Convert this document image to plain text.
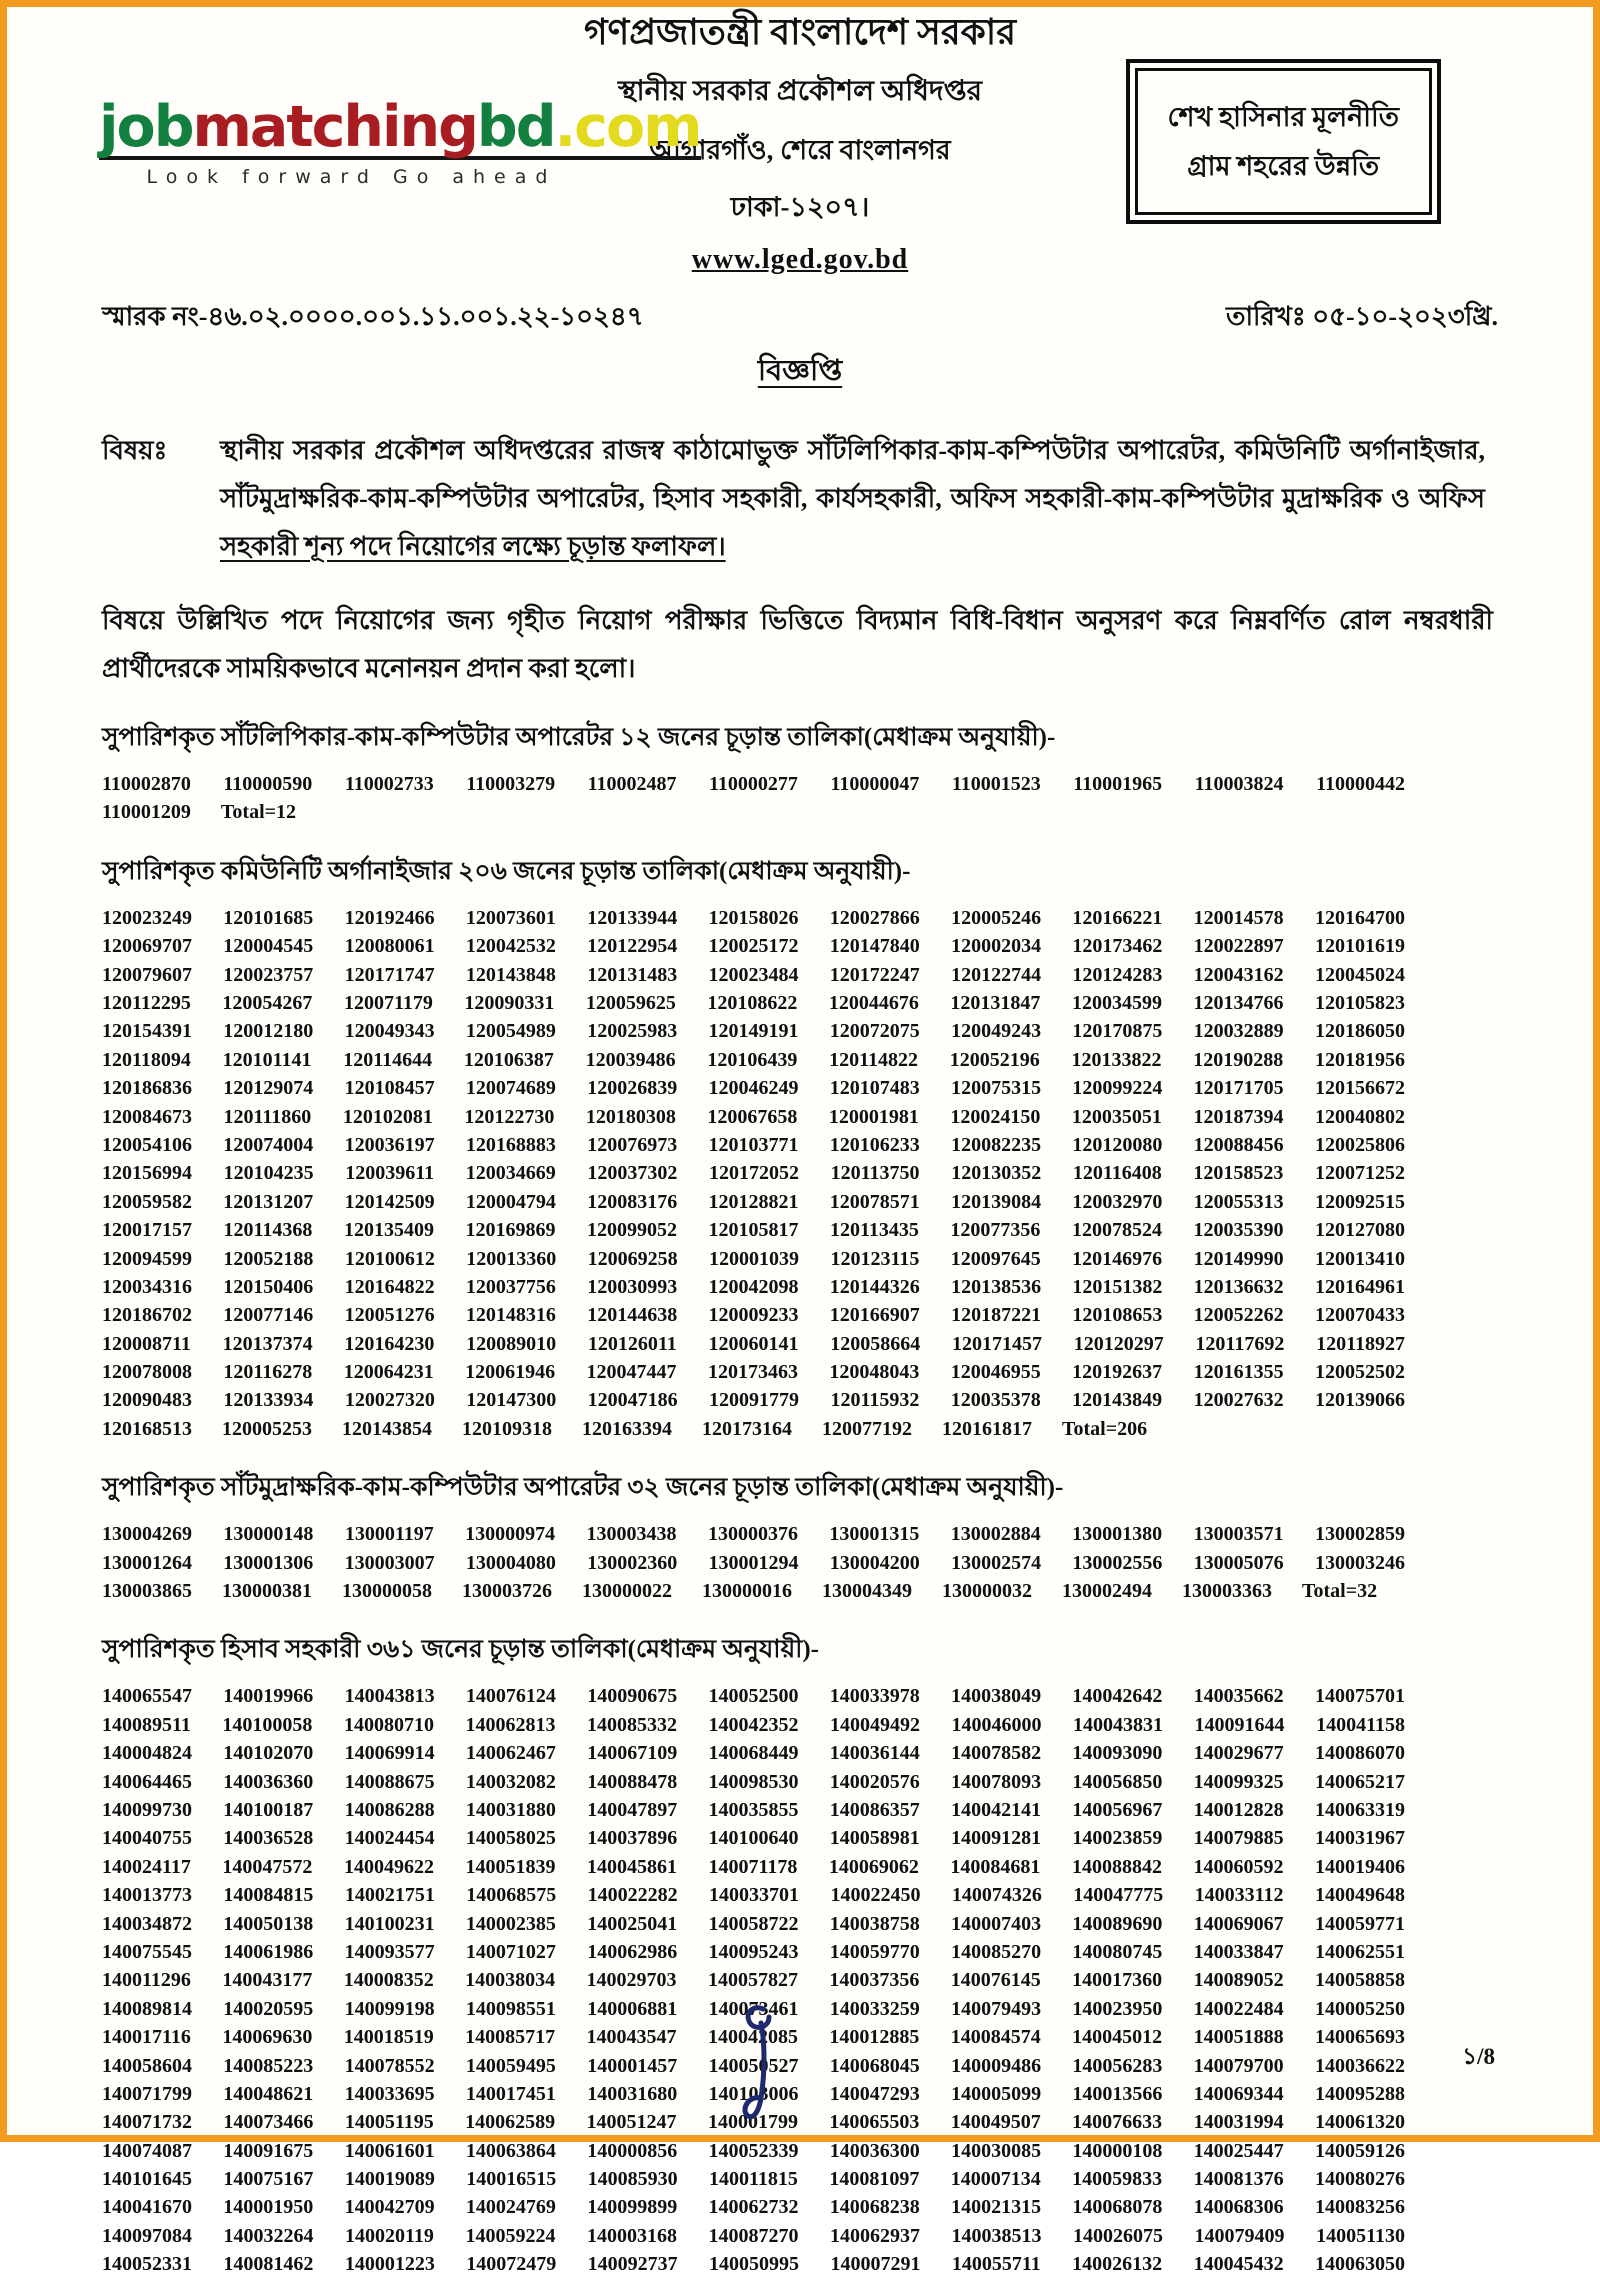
গণপ্রজাতন্ত্রী বাংলাদেশ সরকার
স্থানীয় সরকার প্রকৌশল অধিদপ্তর
আগারগাঁও, শেরে বাংলানগর
ঢাকা-১২০৭।
www.lged.gov.bd
jobmatchingbd.com
Look forward Go ahead
শেখ হাসিনার মূলনীতি
গ্রাম শহরের উন্নতি
স্মারক নং-৪৬.০২.০০০০.০০১.১১.০০১.২২-১০২৪৭	তারিখঃ ০৫-১০-২০২৩খ্রি.
বিজ্ঞপ্তি
বিষয়ঃ	স্থানীয় সরকার প্রকৌশল অধিদপ্তরের রাজস্ব কাঠামোভুক্ত সাঁটলিপিকার-কাম-কম্পিউটার অপারেটর, কমিউনিটি অর্গানাইজার, সাঁটমুদ্রাক্ষরিক-কাম-কম্পিউটার অপারেটর, হিসাব সহকারী, কার্যসহকারী, অফিস সহকারী-কাম-কম্পিউটার মুদ্রাক্ষরিক ও অফিস সহকারী শূন্য পদে নিয়োগের লক্ষ্যে চূড়ান্ত ফলাফল।
বিষয়ে উল্লিখিত পদে নিয়োগের জন্য গৃহীত নিয়োগ পরীক্ষার ভিত্তিতে বিদ্যমান বিধি-বিধান অনুসরণ করে নিম্নবর্ণিত রোল নম্বরধারী প্রার্থীদেরকে সাময়িকভাবে মনোনয়ন প্রদান করা হলো।
সুপারিশকৃত সাঁটলিপিকার-কাম-কম্পিউটার অপারেটর ১২ জনের চূড়ান্ত তালিকা(মেধাক্রম অনুযায়ী)-
110002870 110000590 110002733 110003279 110002487 110000277 110000047 110001523 110001965 110003824 110000442
110001209 Total=12
সুপারিশকৃত কমিউনিটি অর্গানাইজার ২০৬ জনের চূড়ান্ত তালিকা(মেধাক্রম অনুযায়ী)-
120023249 120101685 120192466 120073601 120133944 120158026 120027866 120005246 120166221 120014578 120164700
120069707 120004545 120080061 120042532 120122954 120025172 120147840 120002034 120173462 120022897 120101619
120079607 120023757 120171747 120143848 120131483 120023484 120172247 120122744 120124283 120043162 120045024
120112295 120054267 120071179 120090331 120059625 120108622 120044676 120131847 120034599 120134766 120105823
120154391 120012180 120049343 120054989 120025983 120149191 120072075 120049243 120170875 120032889 120186050
120118094 120101141 120114644 120106387 120039486 120106439 120114822 120052196 120133822 120190288 120181956
120186836 120129074 120108457 120074689 120026839 120046249 120107483 120075315 120099224 120171705 120156672
120084673 120111860 120102081 120122730 120180308 120067658 120001981 120024150 120035051 120187394 120040802
120054106 120074004 120036197 120168883 120076973 120103771 120106233 120082235 120120080 120088456 120025806
120156994 120104235 120039611 120034669 120037302 120172052 120113750 120130352 120116408 120158523 120071252
120059582 120131207 120142509 120004794 120083176 120128821 120078571 120139084 120032970 120055313 120092515
120017157 120114368 120135409 120169869 120099052 120105817 120113435 120077356 120078524 120035390 120127080
120094599 120052188 120100612 120013360 120069258 120001039 120123115 120097645 120146976 120149990 120013410
120034316 120150406 120164822 120037756 120030993 120042098 120144326 120138536 120151382 120136632 120164961
120186702 120077146 120051276 120148316 120144638 120009233 120166907 120187221 120108653 120052262 120070433
120008711 120137374 120164230 120089010 120126011 120060141 120058664 120171457 120120297 120117692 120118927
120078008 120116278 120064231 120061946 120047447 120173463 120048043 120046955 120192637 120161355 120052502
120090483 120133934 120027320 120147300 120047186 120091779 120115932 120035378 120143849 120027632 120139066
120168513 120005253 120143854 120109318 120163394 120173164 120077192 120161817 Total=206
সুপারিশকৃত সাঁটমুদ্রাক্ষরিক-কাম-কম্পিউটার অপারেটর ৩২ জনের চূড়ান্ত তালিকা(মেধাক্রম অনুযায়ী)-
130004269 130000148 130001197 130000974 130003438 130000376 130001315 130002884 130001380 130003571 130002859
130001264 130001306 130003007 130004080 130002360 130001294 130004200 130002574 130002556 130005076 130003246
130003865 130000381 130000058 130003726 130000022 130000016 130004349 130000032 130002494 130003363 Total=32
সুপারিশকৃত হিসাব সহকারী ৩৬১ জনের চূড়ান্ত তালিকা(মেধাক্রম অনুযায়ী)-
140065547 140019966 140043813 140076124 140090675 140052500 140033978 140038049 140042642 140035662 140075701
140089511 140100058 140080710 140062813 140085332 140042352 140049492 140046000 140043831 140091644 140041158
140004824 140102070 140069914 140062467 140067109 140068449 140036144 140078582 140093090 140029677 140086070
140064465 140036360 140088675 140032082 140088478 140098530 140020576 140078093 140056850 140099325 140065217
140099730 140100187 140086288 140031880 140047897 140035855 140086357 140042141 140056967 140012828 140063319
140040755 140036528 140024454 140058025 140037896 140100640 140058981 140091281 140023859 140079885 140031967
140024117 140047572 140049622 140051839 140045861 140071178 140069062 140084681 140088842 140060592 140019406
140013773 140084815 140021751 140068575 140022282 140033701 140022450 140074326 140047775 140033112 140049648
140034872 140050138 140100231 140002385 140025041 140058722 140038758 140007403 140089690 140069067 140059771
140075545 140061986 140093577 140071027 140062986 140095243 140059770 140085270 140080745 140033847 140062551
140011296 140043177 140008352 140038034 140029703 140057827 140037356 140076145 140017360 140089052 140058858
140089814 140020595 140099198 140098551 140006881 140073461 140033259 140079493 140023950 140022484 140005250
140017116 140069630 140018519 140085717 140043547 140042085 140012885 140084574 140045012 140051888 140065693
140058604 140085223 140078552 140059495 140001457 140050527 140068045 140009486 140056283 140079700 140036622
140071799 140048621 140033695 140017451 140031680 140103006 140047293 140005099 140013566 140069344 140095288
140071732 140073466 140051195 140062589 140051247 140001799 140065503 140049507 140076633 140031994 140061320
140074087 140091675 140061601 140063864 140000856 140052339 140036300 140030085 140000108 140025447 140059126
140101645 140075167 140019089 140016515 140085930 140011815 140081097 140007134 140059833 140081376 140080276
140041670 140001950 140042709 140024769 140099899 140062732 140068238 140021315 140068078 140068306 140083256
140097084 140032264 140020119 140059224 140003168 140087270 140062937 140038513 140026075 140079409 140051130
140052331 140081462 140001223 140072479 140092737 140050995 140007291 140055711 140026132 140045432 140063050
১/8
